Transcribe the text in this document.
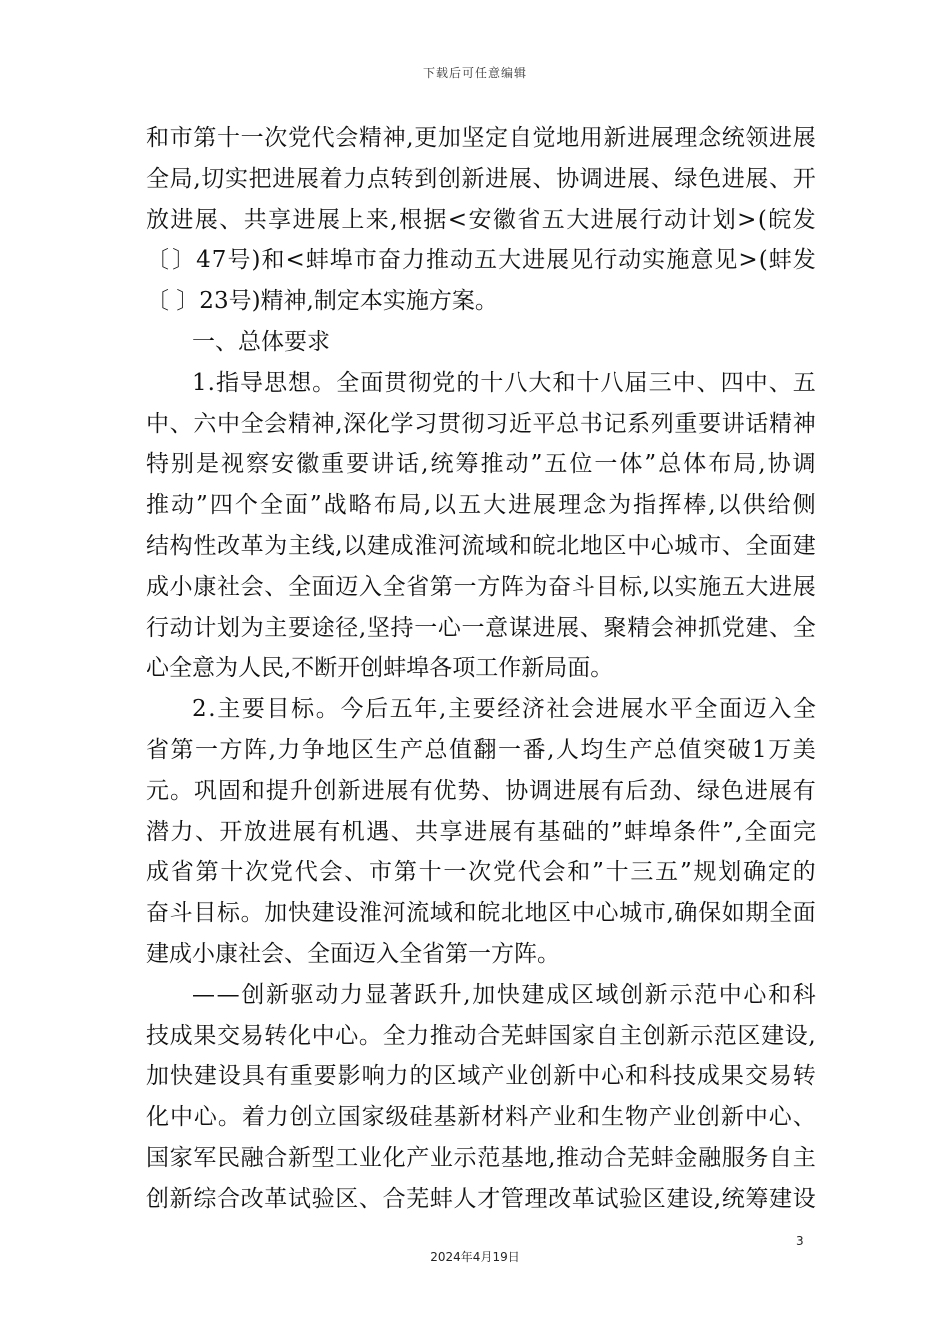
下载后可任意编辑
和 市 第 十 一 次 党 代 会 精 神 , 更 加 坚 定 自 觉 地 用 新 进 展 理 念 统 领 进 展
全 局 , 切 实 把 进 展 着 力 点 转 到 创 新 进 展 、 协 调 进 展 、 绿 色 进 展 、 开
放 进 展 、 共 享 进 展 上 来 , 根 据 < 安 徽 省 五 大 进 展 行 动 计 划 > ( 皖 发
〔 〕 4 7 号 ) 和 < 蚌 埠 市 奋 力 推 动 五 大 进 展 见 行 动 实 施 意 见 > ( 蚌 发
〔 〕23号)精神,制定本实施方案。
一、总体要求
1 . 指 导 思 想 。 全 面 贯 彻 党 的 十 八 大 和 十 八 届 三 中 、 四 中 、 五
中 、 六 中 全 会 精 神 , 深 化 学 习 贯 彻 习 近 平 总 书 记 系 列 重 要 讲 话 精 神
特 别 是 视 察 安 徽 重 要 讲 话 , 统 筹 推 动 ” 五 位 一 体 ” 总 体 布 局 , 协 调
推 动 ” 四 个 全 面 ” 战 略 布 局 , 以 五 大 进 展 理 念 为 指 挥 棒 , 以 供 给 侧
结 构 性 改 革 为 主 线 , 以 建 成 淮 河 流 域 和 皖 北 地 区 中 心 城 市 、 全 面 建
成 小 康 社 会 、 全 面 迈 入 全 省 第 一 方 阵 为 奋 斗 目 标 , 以 实 施 五 大 进 展
行 动 计 划 为 主 要 途 径 , 坚 持 一 心 一 意 谋 进 展 、 聚 精 会 神 抓 党 建 、 全
心全意为人民,不断开创蚌埠各项工作新局面。
2 . 主 要 目 标 。 今 后 五 年 , 主 要 经 济 社 会 进 展 水 平 全 面 迈 入 全
省 第 一 方 阵 , 力 争 地 区 生 产 总 值 翻 一 番 , 人 均 生 产 总 值 突 破 1 万 美
元 。 巩 固 和 提 升 创 新 进 展 有 优 势 、 协 调 进 展 有 后 劲 、 绿 色 进 展 有
潜 力 、 开 放 进 展 有 机 遇 、 共 享 进 展 有 基 础 的 ” 蚌 埠 条 件 ” , 全 面 完
成 省 第 十 次 党 代 会 、 市 第 十 一 次 党 代 会 和 ” 十 三 五 ” 规 划 确 定 的
奋 斗 目 标 。 加 快 建 设 淮 河 流 域 和 皖 北 地 区 中 心 城 市 , 确 保 如 期 全 面
建成小康社会、全面迈入全省第一方阵。
— — 创 新 驱 动 力 显 著 跃 升 , 加 快 建 成 区 域 创 新 示 范 中 心 和 科
技 成 果 交 易 转 化 中 心 。 全 力 推 动 合 芜 蚌 国 家 自 主 创 新 示 范 区 建 设 ,
加 快 建 设 具 有 重 要 影 响 力 的 区 域 产 业 创 新 中 心 和 科 技 成 果 交 易 转
化 中 心 。 着 力 创 立 国 家 级 硅 基 新 材 料 产 业 和 生 物 产 业 创 新 中 心 、
国 家 军 民 融 合 新 型 工 业 化 产 业 示 范 基 地 , 推 动 合 芜 蚌 金 融 服 务 自 主
创 新 综 合 改 革 试 验 区 、 合 芜 蚌 人 才 管 理 改 革 试 验 区 建 设 , 统 筹 建 设
3
2024年4月19日
